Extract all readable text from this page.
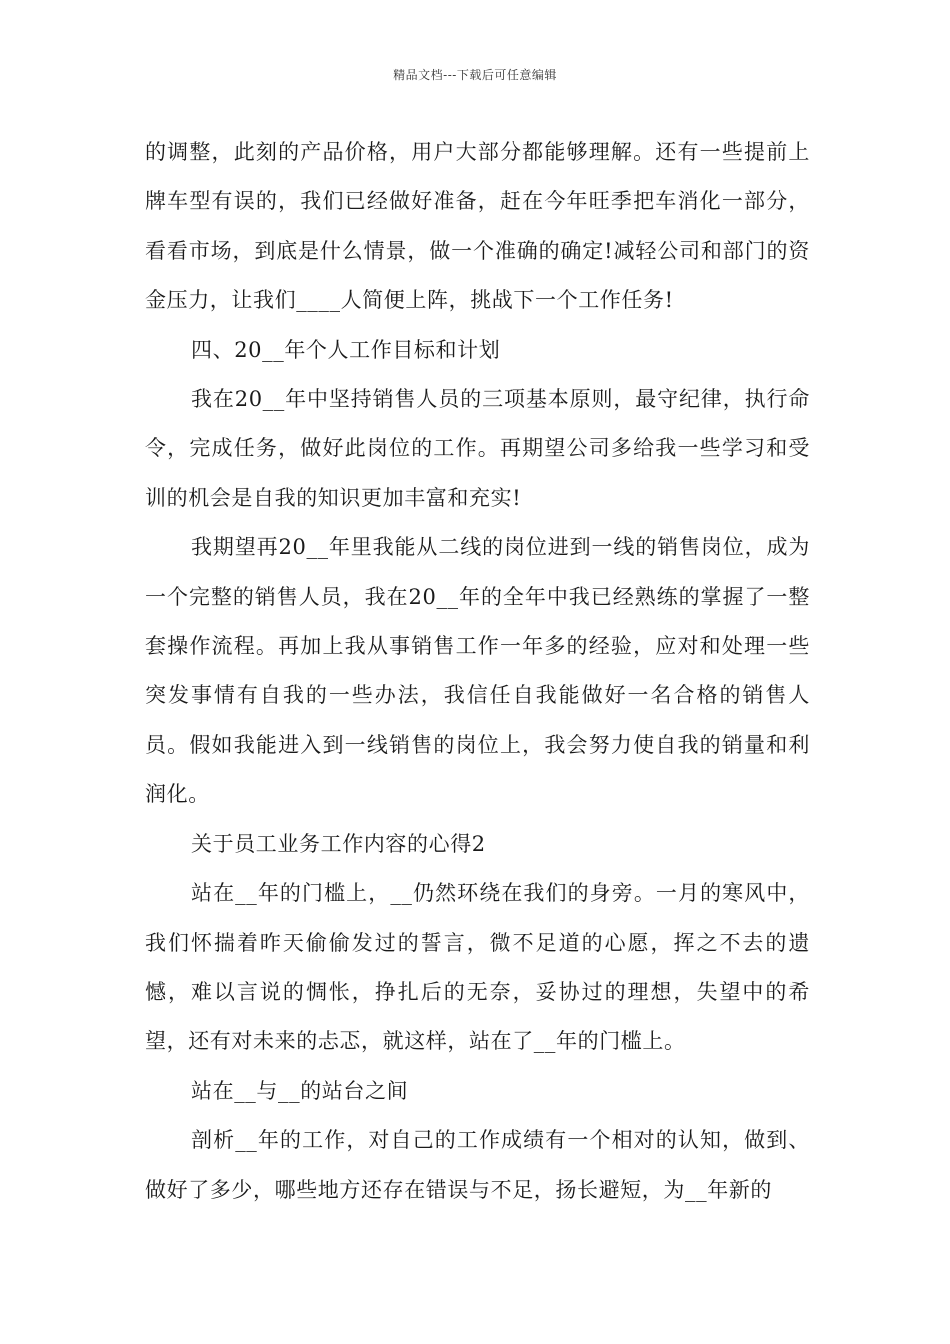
精品文档---下载后可任意编辑

的调整，此刻的产品价格，用户大部分都能够理解。还有一些提前上牌车型有误的，我们已经做好准备，赶在今年旺季把车消化一部分，看看市场，到底是什么情景，做一个准确的确定!减轻公司和部门的资金压力，让我们____人简便上阵，挑战下一个工作任务!

四、20__年个人工作目标和计划

我在20__年中坚持销售人员的三项基本原则，最守纪律，执行命令，完成任务，做好此岗位的工作。再期望公司多给我一些学习和受训的机会是自我的知识更加丰富和充实!

我期望再20__年里我能从二线的岗位进到一线的销售岗位，成为一个完整的销售人员，我在20__年的全年中我已经熟练的掌握了一整套操作流程。再加上我从事销售工作一年多的经验，应对和处理一些突发事情有自我的一些办法，我信任自我能做好一名合格的销售人员。假如我能进入到一线销售的岗位上，我会努力使自我的销量和利润化。

关于员工业务工作内容的心得2

站在__年的门槛上，__仍然环绕在我们的身旁。一月的寒风中，我们怀揣着昨天偷偷发过的誓言，微不足道的心愿，挥之不去的遗憾，难以言说的惆怅，挣扎后的无奈，妥协过的理想，失望中的希望，还有对未来的忐忑，就这样，站在了__年的门槛上。

站在__与__的站台之间

剖析__年的工作，对自己的工作成绩有一个相对的认知，做到、做好了多少，哪些地方还存在错误与不足，扬长避短，为__年新的
